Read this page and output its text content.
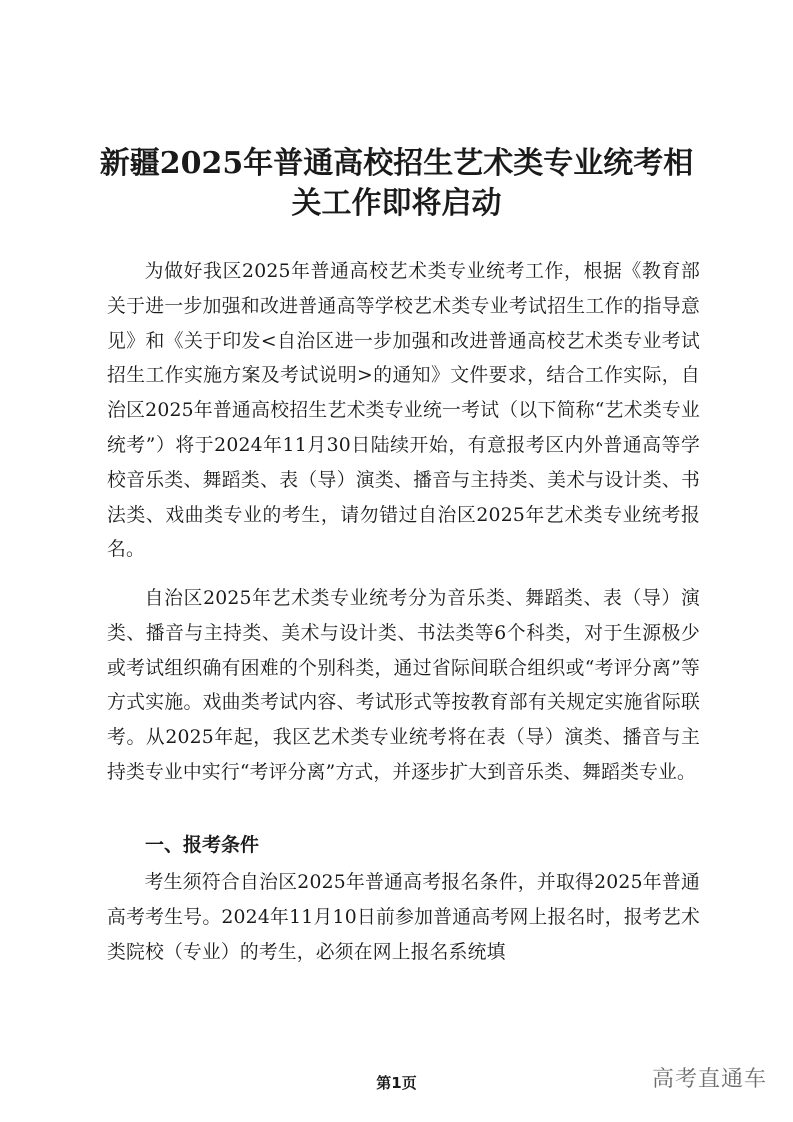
新疆2025年普通高校招生艺术类专业统考相
关工作即将启动

为做好我区2025年普通高校艺术类专业统考工作，根据《教育部关于进一步加强和改进普通高等学校艺术类专业考试招生工作的指导意见》和《关于印发<自治区进一步加强和改进普通高校艺术类专业考试招生工作实施方案及考试说明>的通知》文件要求，结合工作实际，自治区2025年普通高校招生艺术类专业统一考试（以下简称“艺术类专业统考”）将于2024年11月30日陆续开始，有意报考区内外普通高等学校音乐类、舞蹈类、表（导）演类、播音与主持类、美术与设计类、书法类、戏曲类专业的考生，请勿错过自治区2025年艺术类专业统考报名。

自治区2025年艺术类专业统考分为音乐类、舞蹈类、表（导）演类、播音与主持类、美术与设计类、书法类等6个科类，对于生源极少或考试组织确有困难的个别科类，通过省际间联合组织或“考评分离”等方式实施。戏曲类考试内容、考试形式等按教育部有关规定实施省际联考。从2025年起，我区艺术类专业统考将在表（导）演类、播音与主持类专业中实行“考评分离”方式，并逐步扩大到音乐类、舞蹈类专业。

一、报考条件

考生须符合自治区2025年普通高考报名条件，并取得2025年普通高考考生号。2024年11月10日前参加普通高考网上报名时，报考艺术类院校（专业）的考生，必须在网上报名系统填

第1页	高考直通车
